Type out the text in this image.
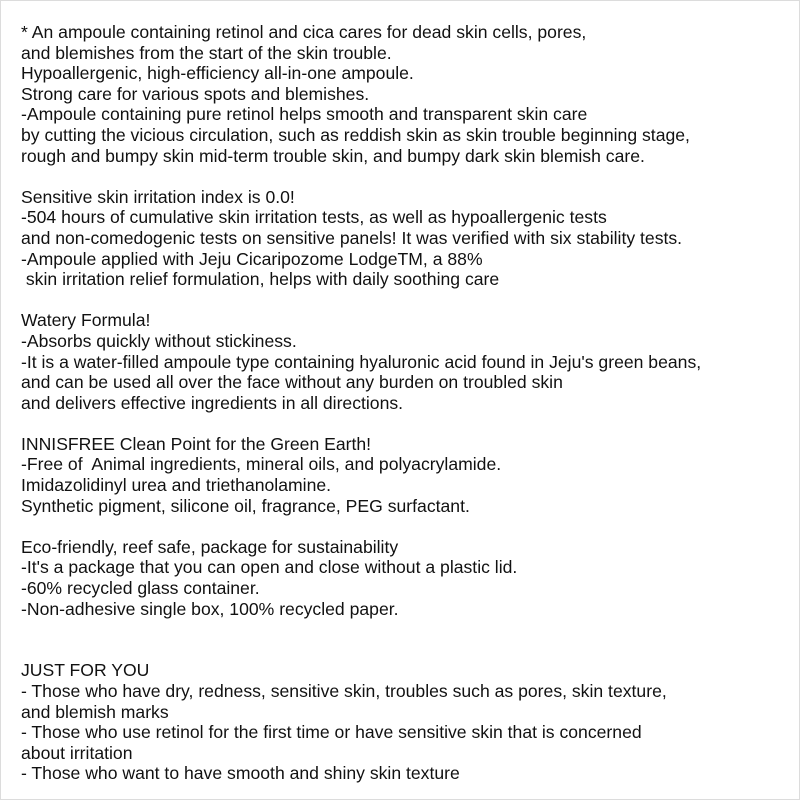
* An ampoule containing retinol and cica cares for dead skin cells, pores,
and blemishes from the start of the skin trouble.
Hypoallergenic, high-efficiency all-in-one ampoule.
Strong care for various spots and blemishes.
-Ampoule containing pure retinol helps smooth and transparent skin care
by cutting the vicious circulation, such as reddish skin as skin trouble beginning stage,
rough and bumpy skin mid-term trouble skin, and bumpy dark skin blemish care.
Sensitive skin irritation index is 0.0!
-504 hours of cumulative skin irritation tests, as well as hypoallergenic tests
and non-comedogenic tests on sensitive panels! It was verified with six stability tests.
-Ampoule applied with Jeju Cicaripozome LodgeTM, a 88%
skin irritation relief formulation, helps with daily soothing care
Watery Formula!
-Absorbs quickly without stickiness.
-It is a water-filled ampoule type containing hyaluronic acid found in Jeju's green beans,
and can be used all over the face without any burden on troubled skin
and delivers effective ingredients in all directions.
INNISFREE Clean Point for the Green Earth!
-Free of  Animal ingredients, mineral oils, and polyacrylamide.
Imidazolidinyl urea and triethanolamine.
Synthetic pigment, silicone oil, fragrance, PEG surfactant.
Eco-friendly, reef safe, package for sustainability
-It's a package that you can open and close without a plastic lid.
-60% recycled glass container.
-Non-adhesive single box, 100% recycled paper.
JUST FOR YOU
- Those who have dry, redness, sensitive skin, troubles such as pores, skin texture,
and blemish marks
- Those who use retinol for the first time or have sensitive skin that is concerned
about irritation
- Those who want to have smooth and shiny skin texture
